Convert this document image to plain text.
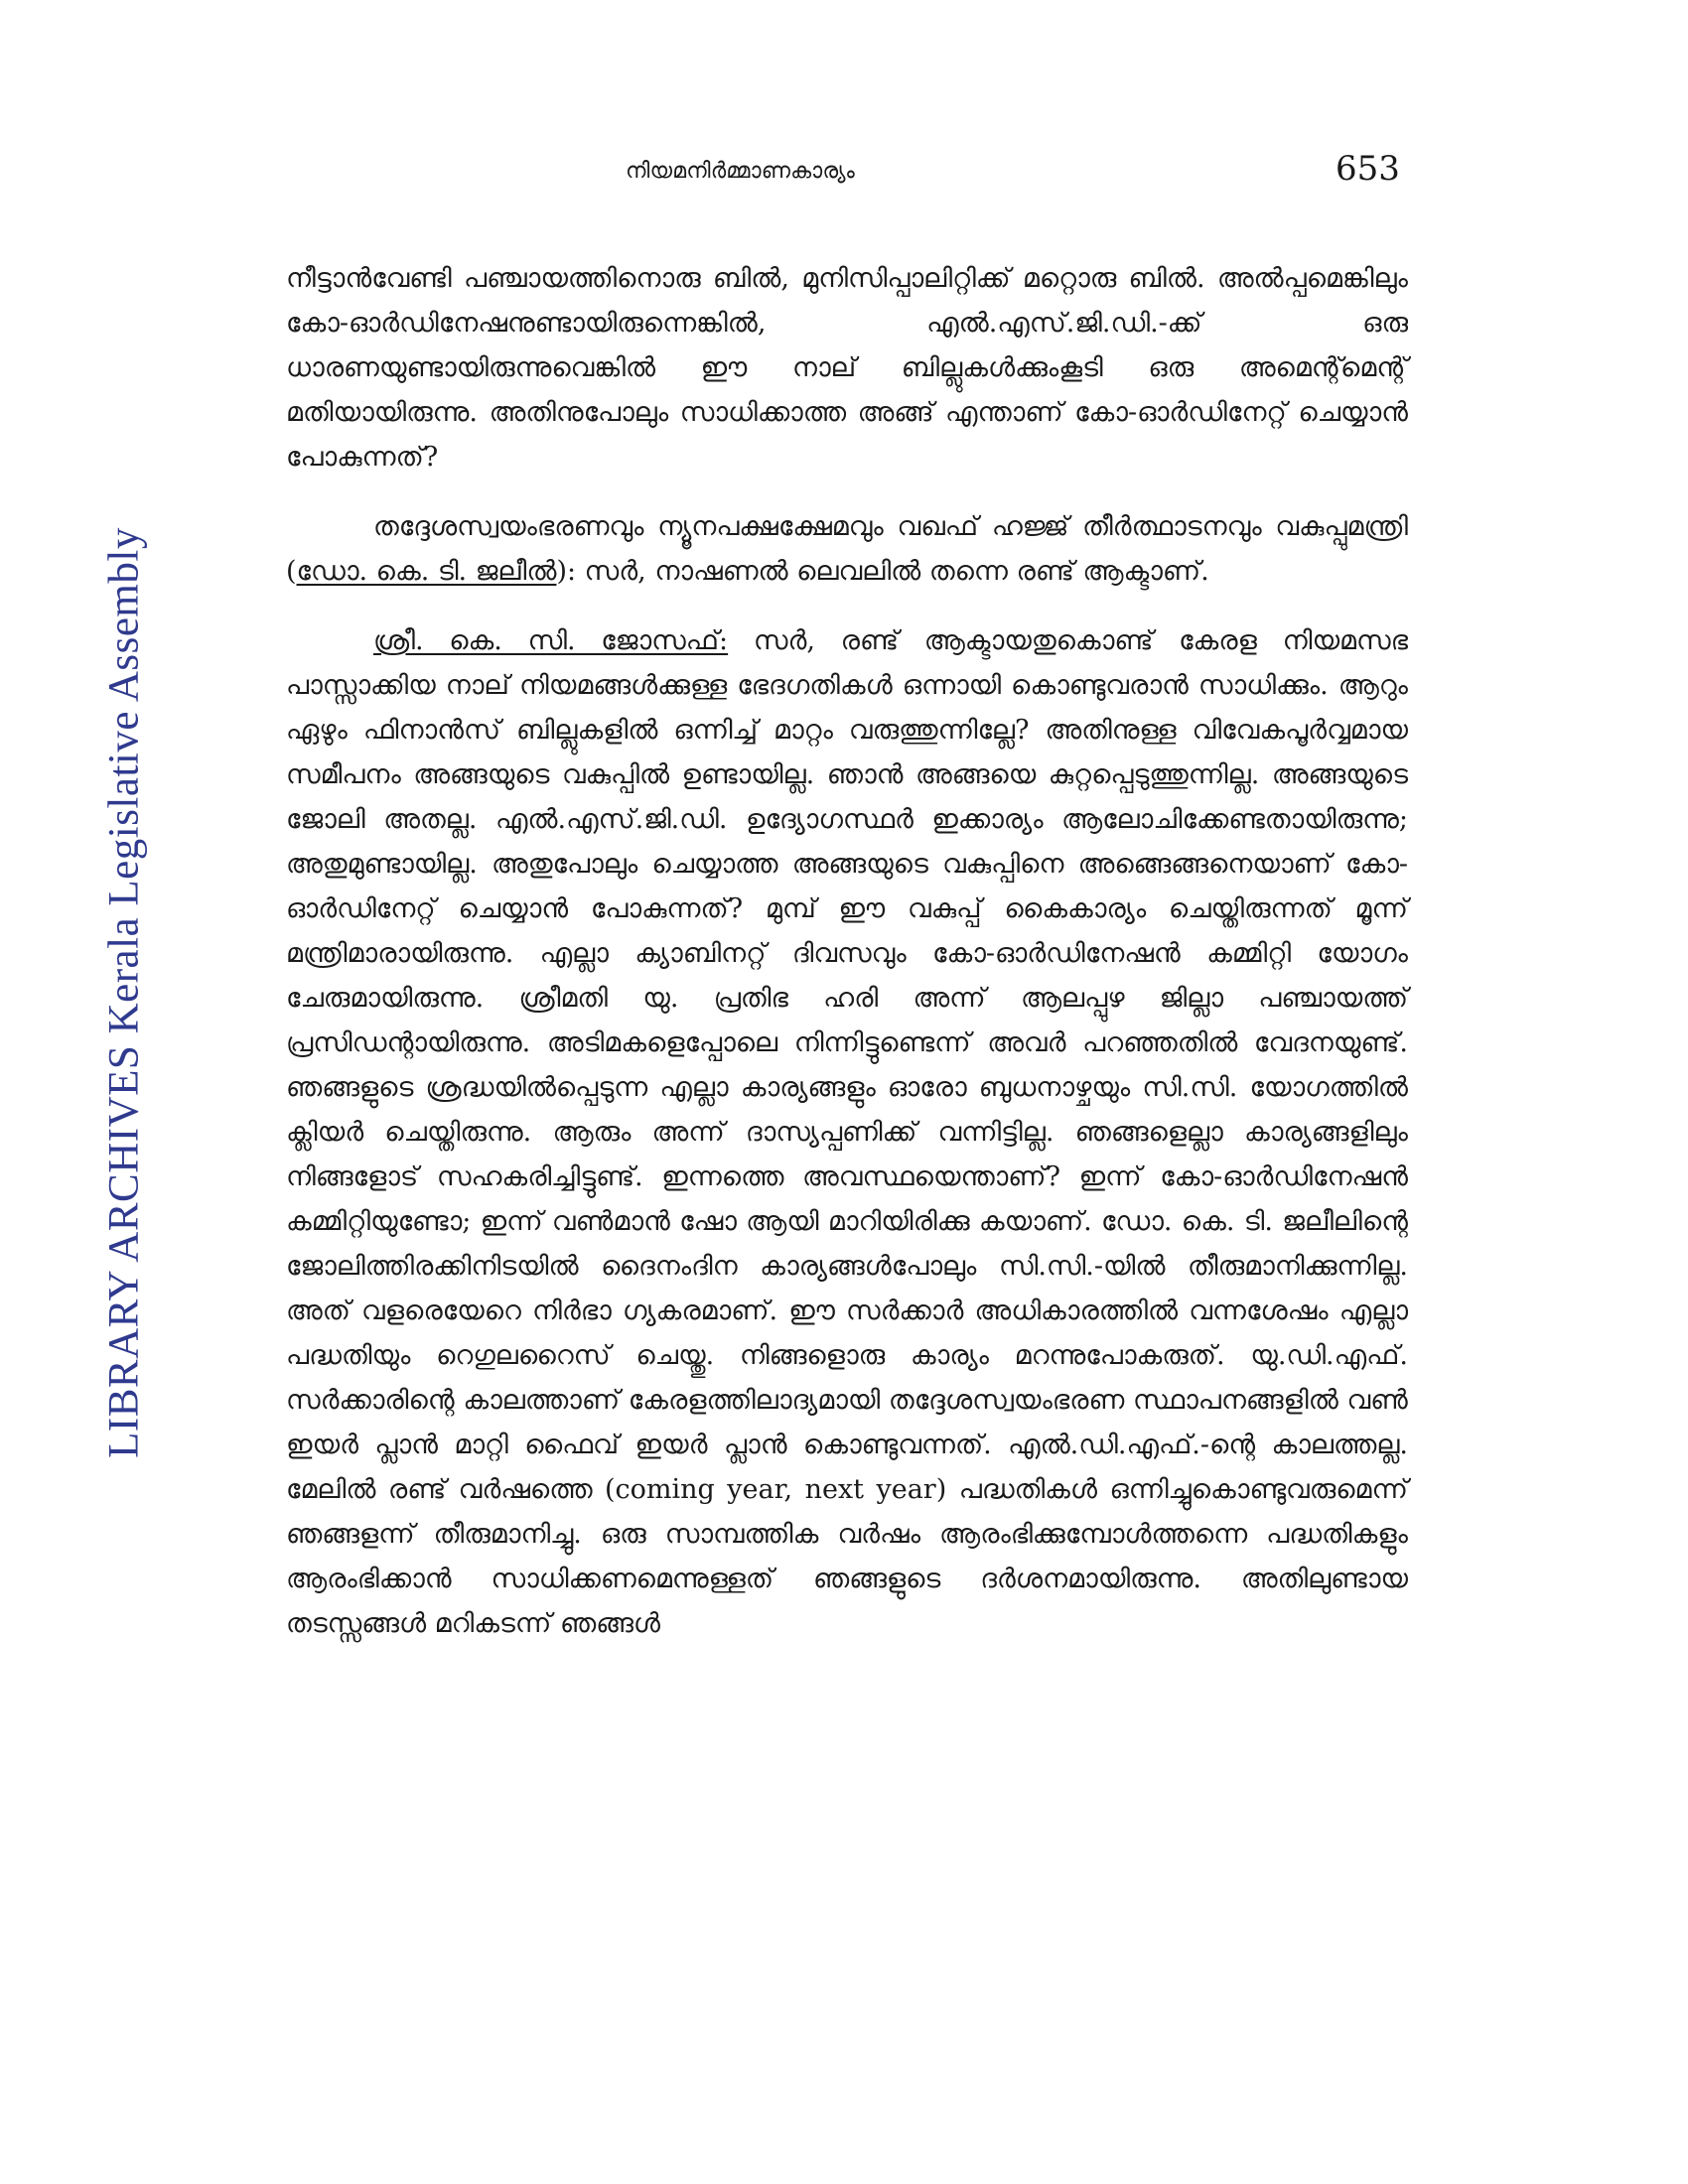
നിയമനിർമ്മാണകാര്യം	653
LIBRARY ARCHIVES Kerala Legislative Assembly

നീട്ടാൻവേണ്ടി പഞ്ചായത്തിനൊരു ബിൽ, മുനിസിപ്പാലിറ്റിക്ക് മറ്റൊരു ബിൽ. അൽപ്പമെങ്കിലും കോ-ഓർഡിനേഷനുണ്ടായിരുന്നെങ്കിൽ, എൽ.എസ്.ജി.ഡി.-ക്ക് ഒരു ധാരണയുണ്ടായിരുന്നുവെങ്കിൽ ഈ നാല് ബില്ലുകൾക്കുംകൂടി ഒരു അമെന്റ്മെന്റ് മതിയായിരുന്നു. അതിനുപോലും സാധിക്കാത്ത അങ്ങ് എന്താണ് കോ-ഓർഡിനേറ്റ് ചെയ്യാൻ പോകുന്നത്?

തദ്ദേശസ്വയംഭരണവും ന്യൂനപക്ഷക്ഷേമവും വഖഫ് ഹജ്ജ് തീർത്ഥാടനവും വകുപ്പുമന്ത്രി (ഡോ. കെ. ടി. ജലീൽ): സർ, നാഷണൽ ലെവലിൽ തന്നെ രണ്ട് ആക്ടാണ്.

ശ്രീ. കെ. സി. ജോസഫ്: സർ, രണ്ട് ആക്ടായതുകൊണ്ട് കേരള നിയമസഭ പാസ്സാക്കിയ നാല് നിയമങ്ങൾക്കുള്ള ഭേദഗതികൾ ഒന്നായി കൊണ്ടുവരാൻ സാധിക്കും. ആറും ഏഴും ഫിനാൻസ് ബില്ലുകളിൽ ഒന്നിച്ച് മാറ്റം വരുത്തുന്നില്ലേ? അതിനുള്ള വിവേകപൂർവ്വമായ സമീപനം അങ്ങയുടെ വകുപ്പിൽ ഉണ്ടായില്ല. ഞാൻ അങ്ങയെ കുറ്റപ്പെടുത്തുന്നില്ല. അങ്ങയുടെ ജോലി അതല്ല. എൽ.എസ്.ജി.ഡി. ഉദ്യോഗസ്ഥർ ഇക്കാര്യം ആലോചിക്കേണ്ടതായിരുന്നു; അതുമുണ്ടായില്ല. അതുപോലും ചെയ്യാത്ത അങ്ങയുടെ വകുപ്പിനെ അങ്ങെങ്ങനെയാണ് കോ-ഓർഡിനേറ്റ് ചെയ്യാൻ പോകുന്നത്? മുമ്പ് ഈ വകുപ്പ് കൈകാര്യം ചെയ്തിരുന്നത് മൂന്ന് മന്ത്രിമാരായിരുന്നു. എല്ലാ ക്യാബിനറ്റ് ദിവസവും കോ-ഓർഡിനേഷൻ കമ്മിറ്റി യോഗം ചേരുമായിരുന്നു. ശ്രീമതി യു. പ്രതിഭ ഹരി അന്ന് ആലപ്പുഴ ജില്ലാ പഞ്ചായത്ത് പ്രസിഡന്റായിരുന്നു. അടിമകളെപ്പോലെ നിന്നിട്ടുണ്ടെന്ന് അവർ പറഞ്ഞതിൽ വേദനയുണ്ട്. ഞങ്ങളുടെ ശ്രദ്ധയിൽപ്പെടുന്ന എല്ലാ കാര്യങ്ങളും ഓരോ ബുധനാഴ്ചയും സി.സി. യോഗത്തിൽ ക്ലിയർ ചെയ്തിരുന്നു. ആരും അന്ന് ദാസ്യപ്പണിക്ക് വന്നിട്ടില്ല. ഞങ്ങളെല്ലാ കാര്യങ്ങളിലും നിങ്ങളോട് സഹകരിച്ചിട്ടുണ്ട്. ഇന്നത്തെ അവസ്ഥയെന്താണ്? ഇന്ന് കോ-ഓർഡിനേഷൻ കമ്മിറ്റിയുണ്ടോ; ഇന്ന് വൺമാൻ ഷോ ആയി മാറിയിരിക്കു കയാണ്. ഡോ. കെ. ടി. ജലീലിന്റെ ജോലിത്തിരക്കിനിടയിൽ ദൈനംദിന കാര്യങ്ങൾപോലും സി.സി.-യിൽ തീരുമാനിക്കുന്നില്ല. അത് വളരെയേറെ നിർഭാ ഗ്യകരമാണ്. ഈ സർക്കാർ അധികാരത്തിൽ വന്നശേഷം എല്ലാ പദ്ധതിയും റെഗുലറൈസ് ചെയ്തു. നിങ്ങളൊരു കാര്യം മറന്നുപോകരുത്. യു.ഡി.എഫ്. സർക്കാരിന്റെ കാലത്താണ് കേരളത്തിലാദ്യമായി തദ്ദേശസ്വയംഭരണ സ്ഥാപനങ്ങളിൽ വൺ ഇയർ പ്ലാൻ മാറ്റി ഫൈവ് ഇയർ പ്ലാൻ കൊണ്ടുവന്നത്. എൽ.ഡി.എഫ്.-ന്റെ കാലത്തല്ല. മേലിൽ രണ്ട് വർഷത്തെ (coming year, next year) പദ്ധതികൾ ഒന്നിച്ചുകൊണ്ടുവരുമെന്ന് ഞങ്ങളന്ന് തീരുമാനിച്ചു. ഒരു സാമ്പത്തിക വർഷം ആരംഭിക്കുമ്പോൾത്തന്നെ പദ്ധതികളും ആരംഭിക്കാൻ സാധിക്കണമെന്നുള്ളത് ഞങ്ങളുടെ ദർശനമായിരുന്നു. അതിലുണ്ടായ തടസ്സങ്ങൾ മറികടന്ന് ഞങ്ങൾ
